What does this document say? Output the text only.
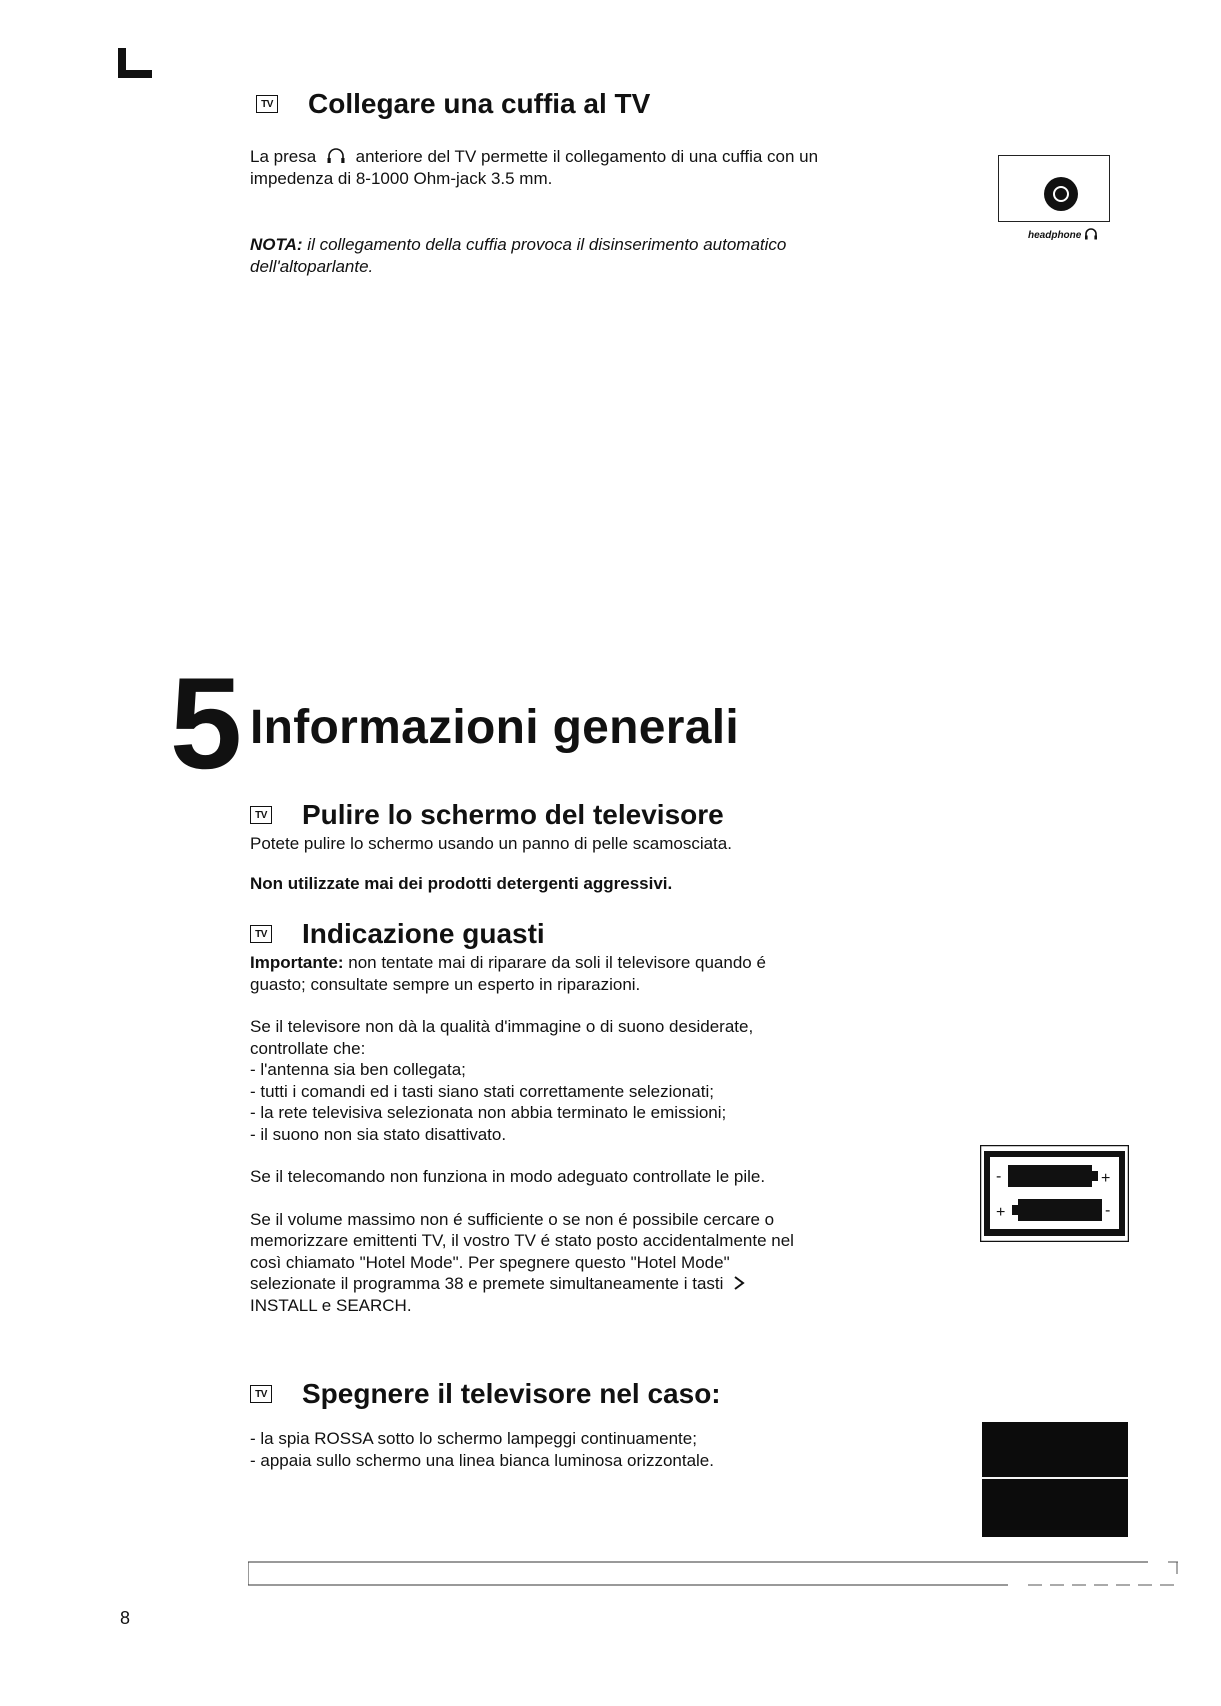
TV Collegare una cuffia al TV

La presa anteriore del TV permette il collegamento di una cuffia con un impedenza di 8-1000 Ohm-jack 3.5 mm.

NOTA: il collegamento della cuffia provoca il disinserimento automatico dell'altoparlante.

headphone
5 Informazioni generali
TV Pulire lo schermo del televisore

Potete pulire lo schermo usando un panno di pelle scamosciata.

Non utilizzate mai dei prodotti detergenti aggressivi.

TV Indicazione guasti

Importante: non tentate mai di riparare da soli il televisore quando é guasto; consultate sempre un esperto in riparazioni.

Se il televisore non dà la qualità d'immagine o di suono desiderate, controllate che:

- l'antenna sia ben collegata;
- tutti i comandi ed i tasti siano stati correttamente selezionati;
- la rete televisiva selezionata non abbia terminato le emissioni;
- il suono non sia stato disattivato.

Se il telecomando non funziona in modo adeguato controllate le pile.

Se il volume massimo non é sufficiente o se non é possibile cercare o memorizzare emittenti TV, il vostro TV é stato posto accidentalmente nel così chiamato "Hotel Mode". Per spegnere questo "Hotel Mode" selezionate il programma 38 e premete simultaneamente i tasti
INSTALL e SEARCH.

-	+
+	-
TV Spegnere il televisore nel caso:
- la spia ROSSA sotto lo schermo lampeggi continuamente;
- appaia sullo schermo una linea bianca luminosa orizzontale.
8
